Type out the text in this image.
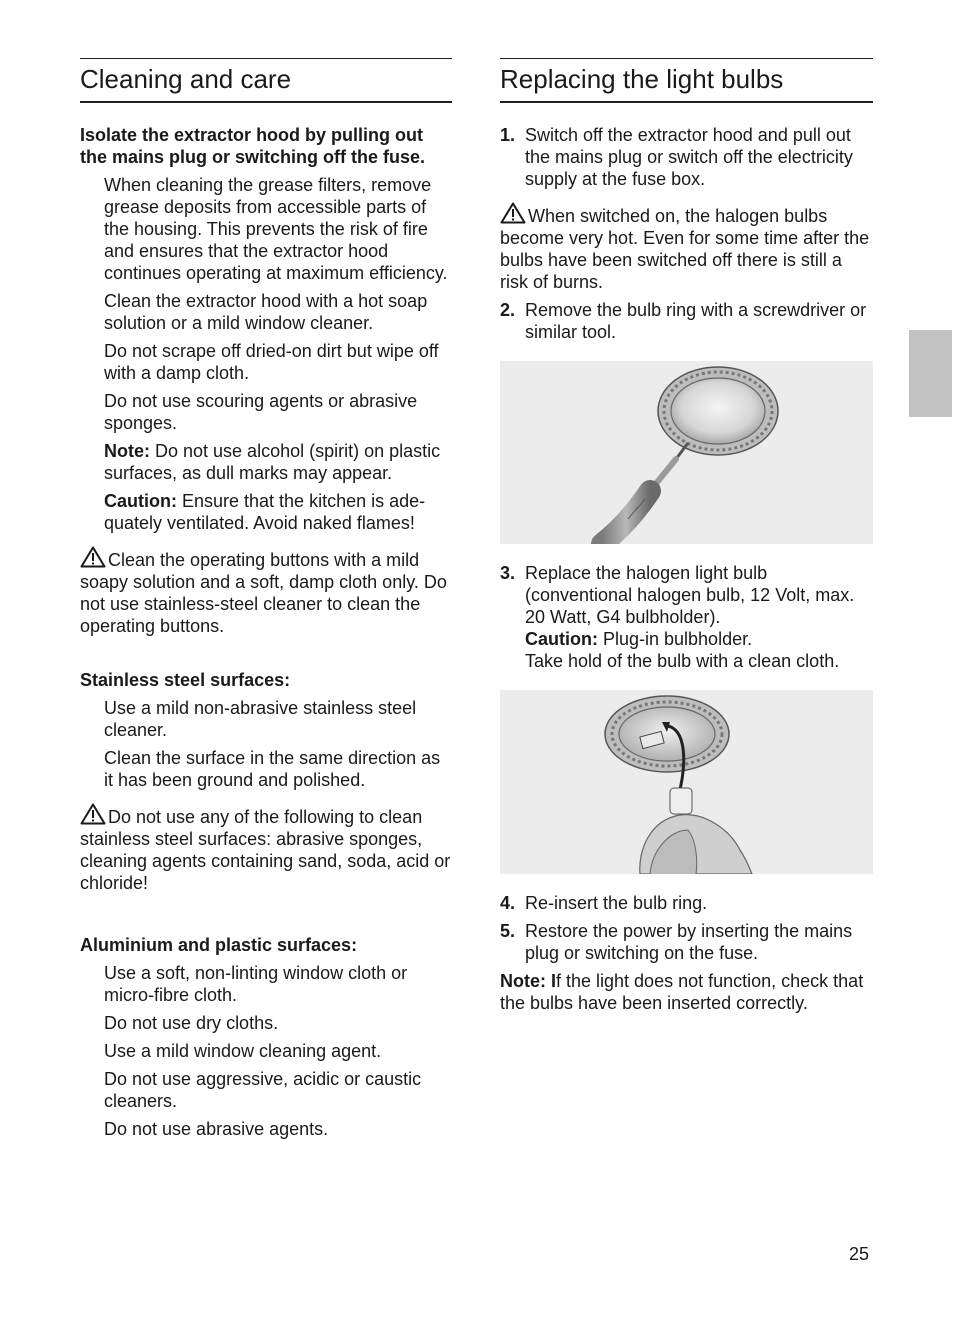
Cleaning and care
Isolate the extractor hood by pulling out the mains plug or switching off the fuse.
When cleaning the grease filters, remove grease deposits from accessible parts of the housing. This prevents the risk of fire and ensures that the extractor hood continues operating at maximum efficiency.
Clean the extractor hood with a hot soap solution or a mild window cleaner.
Do not scrape off dried-on dirt but wipe off with a damp cloth.
Do not use scouring agents or abrasive sponges.
Note: Do not use alcohol (spirit) on plastic surfaces, as dull marks may appear.
Caution: Ensure that the kitchen is ade-quately ventilated. Avoid naked flames!
Clean the operating buttons with a mild soapy solution and a soft, damp cloth only. Do not use stainless-steel cleaner to clean the operating buttons.
Stainless steel surfaces:
Use a mild non-abrasive stainless steel cleaner.
Clean the surface in the same direction as it has been ground and polished.
Do not use any of the following to clean stainless steel surfaces: abrasive sponges, cleaning agents containing sand, soda, acid or chloride!
Aluminium and plastic surfaces:
Use a soft, non-linting window cloth or micro-fibre cloth.
Do not use dry cloths.
Use a mild window cleaning agent.
Do not use aggressive, acidic or caustic cleaners.
Do not use abrasive agents.
Replacing the light bulbs
1. Switch off the extractor hood and pull out the mains plug or switch off the electricity supply at the fuse box.
When switched on, the halogen bulbs become very hot. Even for some time after the bulbs have been switched off there is still a risk of burns.
2. Remove the bulb ring with a screwdriver or similar tool.
3. Replace the halogen light bulb (conventional halogen bulb, 12 Volt, max. 20 Watt, G4 bulbholder).
Caution: Plug-in bulbholder.
Take hold of the bulb with a clean cloth.
4. Re-insert the bulb ring.
5. Restore the power by inserting the mains plug or switching on the fuse.
Note: If the light does not function, check that the bulbs have been inserted correctly.
25
